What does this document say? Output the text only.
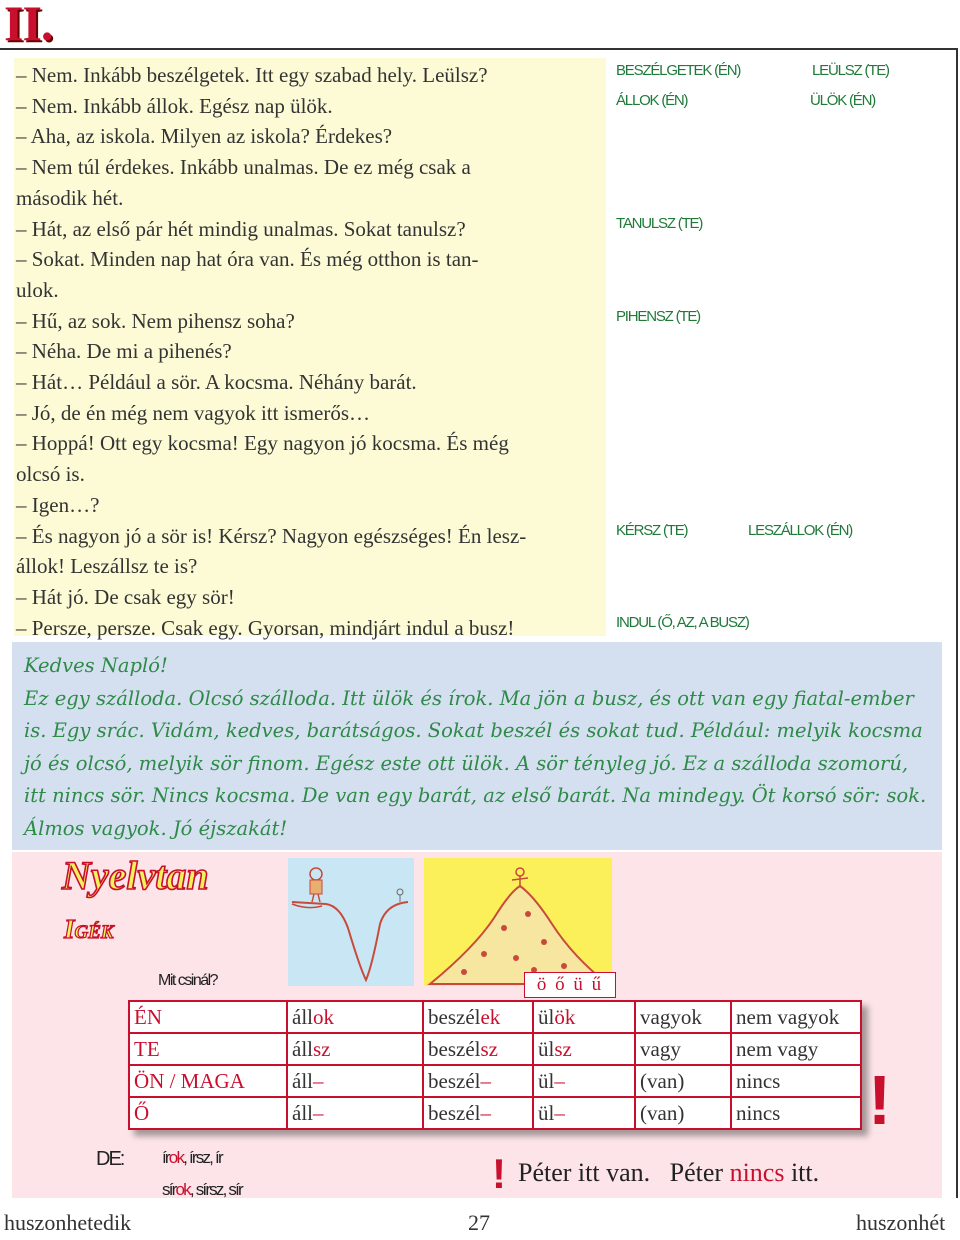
II.
– Nem. Inkább beszélgetek. Itt egy szabad hely. Leülsz?
– Nem. Inkább állok. Egész nap ülök.
– Aha, az iskola. Milyen az iskola? Érdekes?
– Nem túl érdekes. Inkább unalmas. De ez még csak a
második hét.
– Hát, az első pár hét mindig unalmas. Sokat tanulsz?
– Sokat. Minden nap hat óra van. És még otthon is tan-
ulok.
– Hű, az sok. Nem pihensz soha?
– Néha. De mi a pihenés?
– Hát… Például a sör. A kocsma. Néhány barát.
– Jó, de én még nem vagyok itt ismerős…
– Hoppá! Ott egy kocsma! Egy nagyon jó kocsma. És még
olcsó is.
– Igen…?
– És nagyon jó a sör is! Kérsz? Nagyon egészséges! Én lesz-
állok! Leszállsz te is?
– Hát jó. De csak egy sör!
– Persze, persze. Csak egy. Gyorsan, mindjárt indul a busz!
BESZÉLGETEK (ÉN)	LEÜLSZ (TE)
ÁLLOK (ÉN)	ÜLÖK (ÉN)
TANULSZ (TE)
PIHENSZ (TE)
KÉRSZ (TE)	LESZÁLLOK (ÉN)
INDUL (Ő, AZ, A BUSZ)
Kedves Napló!
Ez egy szálloda. Olcsó szálloda. Itt ülök és írok. Ma jön a busz, és ott van egy fiatal-ember is. Egy srác. Vidám, kedves, barátságos. Sokat beszél és sokat tud. Például: melyik kocsma jó és olcsó, melyik sör finom. Egész este ott ülök. A sör tényleg jó. Ez a szálloda szomorú, itt nincs sör. Nincs kocsma. De van egy barát, az első barát. Na mindegy. Öt korsó sör: sok. Álmos vagyok. Jó éjszakát!
Nyelvtan
Igék
Mit csinál?	ö ő ü ű
ÉN	állok	beszélek	ülök	vagyok	nem vagyok
TE	állsz	beszélsz	ülsz	vagy	nem vagy
ÖN / MAGA	áll–	beszél–	ül–	(van)	nincs
Ő	áll–	beszél–	ül–	(van)	nincs !
DE: írok, írsz, ír
sírok, sírsz, sír	! Péter itt van. Péter nincs itt.
huszonhetedik	27	huszonhét
